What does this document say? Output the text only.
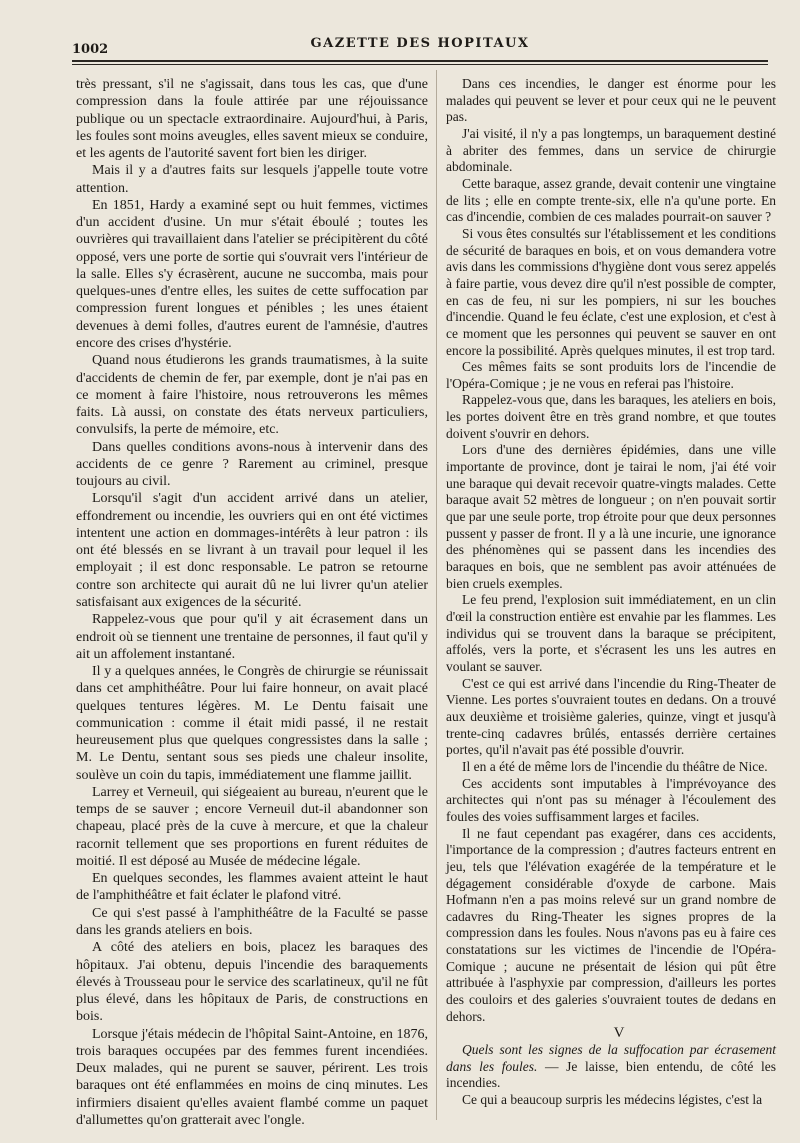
1002	GAZETTE DES HOPITAUX

très pressant, s'il ne s'agissait, dans tous les cas, que d'une compression dans la foule attirée par une réjouissance publique ou un spectacle extraordinaire. Aujourd'hui, à Paris, les foules sont moins aveugles, elles savent mieux se conduire, et les agents de l'autorité savent fort bien les diriger.

Mais il y a d'autres faits sur lesquels j'appelle toute votre attention.

En 1851, Hardy a examiné sept ou huit femmes, victimes d'un accident d'usine. Un mur s'était éboulé ; toutes les ouvrières qui travaillaient dans l'atelier se précipitèrent du côté opposé, vers une porte de sortie qui s'ouvrait vers l'intérieur de la salle. Elles s'y écrasèrent, aucune ne succomba, mais pour quelques-unes d'entre elles, les suites de cette suffocation par compression furent longues et pénibles ; les unes étaient devenues à demi folles, d'autres eurent de l'amnésie, d'autres encore des crises d'hystérie.

Quand nous étudierons les grands traumatismes, à la suite d'accidents de chemin de fer, par exemple, dont je n'ai pas en ce moment à faire l'histoire, nous retrouverons les mêmes faits. Là aussi, on constate des états nerveux particuliers, convulsifs, la perte de mémoire, etc.

Dans quelles conditions avons-nous à intervenir dans des accidents de ce genre ? Rarement au criminel, presque toujours au civil.

Lorsqu'il s'agit d'un accident arrivé dans un atelier, effondrement ou incendie, les ouvriers qui en ont été victimes intentent une action en dommages-intérêts à leur patron : ils ont été blessés en se livrant à un travail pour lequel il les employait ; il est donc responsable. Le patron se retourne contre son architecte qui aurait dû ne lui livrer qu'un atelier satisfaisant aux exigences de la sécurité.

Rappelez-vous que pour qu'il y ait écrasement dans un endroit où se tiennent une trentaine de personnes, il faut qu'il y ait un affolement instantané.

Il y a quelques années, le Congrès de chirurgie se réunissait dans cet amphithéâtre. Pour lui faire honneur, on avait placé quelques tentures légères. M. Le Dentu faisait une communication : comme il était midi passé, il ne restait heureusement plus que quelques congressistes dans la salle ; M. Le Dentu, sentant sous ses pieds une chaleur insolite, soulève un coin du tapis, immédiatement une flamme jaillit.

Larrey et Verneuil, qui siégeaient au bureau, n'eurent que le temps de se sauver ; encore Verneuil dut-il abandonner son chapeau, placé près de la cuve à mercure, et que la chaleur racornit tellement que ses proportions en furent réduites de moitié. Il est déposé au Musée de médecine légale.

En quelques secondes, les flammes avaient atteint le haut de l'amphithéâtre et fait éclater le plafond vitré.

Ce qui s'est passé à l'amphithéâtre de la Faculté se passe dans les grands ateliers en bois.

A côté des ateliers en bois, placez les baraques des hôpitaux. J'ai obtenu, depuis l'incendie des baraquements élevés à Trousseau pour le service des scarlatineux, qu'il ne fût plus élevé, dans les hôpitaux de Paris, de constructions en bois.

Lorsque j'étais médecin de l'hôpital Saint-Antoine, en 1876, trois baraques occupées par des femmes furent incendiées. Deux malades, qui ne purent se sauver, périrent. Les trois baraques ont été enflammées en moins de cinq minutes. Les infirmiers disaient qu'elles avaient flambé comme un paquet d'allumettes qu'on gratterait avec l'ongle.

Dans ces incendies, le danger est énorme pour les malades qui peuvent se lever et pour ceux qui ne le peuvent pas.

J'ai visité, il n'y a pas longtemps, un baraquement destiné à abriter des femmes, dans un service de chirurgie abdominale.

Cette baraque, assez grande, devait contenir une vingtaine de lits ; elle en compte trente-six, elle n'a qu'une porte. En cas d'incendie, combien de ces malades pourrait-on sauver ?

Si vous êtes consultés sur l'établissement et les conditions de sécurité de baraques en bois, et on vous demandera votre avis dans les commissions d'hygiène dont vous serez appelés à faire partie, vous devez dire qu'il n'est possible de compter, en cas de feu, ni sur les pompiers, ni sur les bouches d'incendie. Quand le feu éclate, c'est une explosion, et c'est à ce moment que les personnes qui peuvent se sauver en ont encore la possibilité. Après quelques minutes, il est trop tard.

Ces mêmes faits se sont produits lors de l'incendie de l'Opéra-Comique ; je ne vous en referai pas l'histoire.

Rappelez-vous que, dans les baraques, les ateliers en bois, les portes doivent être en très grand nombre, et que toutes doivent s'ouvrir en dehors.

Lors d'une des dernières épidémies, dans une ville importante de province, dont je tairai le nom, j'ai été voir une baraque qui devait recevoir quatre-vingts malades. Cette baraque avait 52 mètres de longueur ; on n'en pouvait sortir que par une seule porte, trop étroite pour que deux personnes pussent y passer de front. Il y a là une incurie, une ignorance des phénomènes qui se passent dans les incendies des baraques en bois, que ne semblent pas avoir atténuées de bien cruels exemples.

Le feu prend, l'explosion suit immédiatement, en un clin d'œil la construction entière est envahie par les flammes. Les individus qui se trouvent dans la baraque se précipitent, affolés, vers la porte, et s'écrasent les uns les autres en voulant se sauver.

C'est ce qui est arrivé dans l'incendie du Ring-Theater de Vienne. Les portes s'ouvraient toutes en dedans. On a trouvé aux deuxième et troisième galeries, quinze, vingt et jusqu'à trente-cinq cadavres brûlés, entassés derrière certaines portes, qu'il n'avait pas été possible d'ouvrir.

Il en a été de même lors de l'incendie du théâtre de Nice.

Ces accidents sont imputables à l'imprévoyance des architectes qui n'ont pas su ménager à l'écoulement des foules des voies suffisamment larges et faciles.

Il ne faut cependant pas exagérer, dans ces accidents, l'importance de la compression ; d'autres facteurs entrent en jeu, tels que l'élévation exagérée de la température et le dégagement considérable d'oxyde de carbone. Mais Hofmann n'en a pas moins relevé sur un grand nombre de cadavres du Ring-Theater les signes propres de la compression dans les foules. Nous n'avons pas eu à faire ces constatations sur les victimes de l'incendie de l'Opéra-Comique ; aucune ne présentait de lésion qui pût être attribuée à l'asphyxie par compression, d'ailleurs les portes des couloirs et des galeries s'ouvraient toutes de dedans en dehors.

V

Quels sont les signes de la suffocation par écrasement dans les foules. — Je laisse, bien entendu, de côté les incendies.

Ce qui a beaucoup surpris les médecins légistes, c'est la
